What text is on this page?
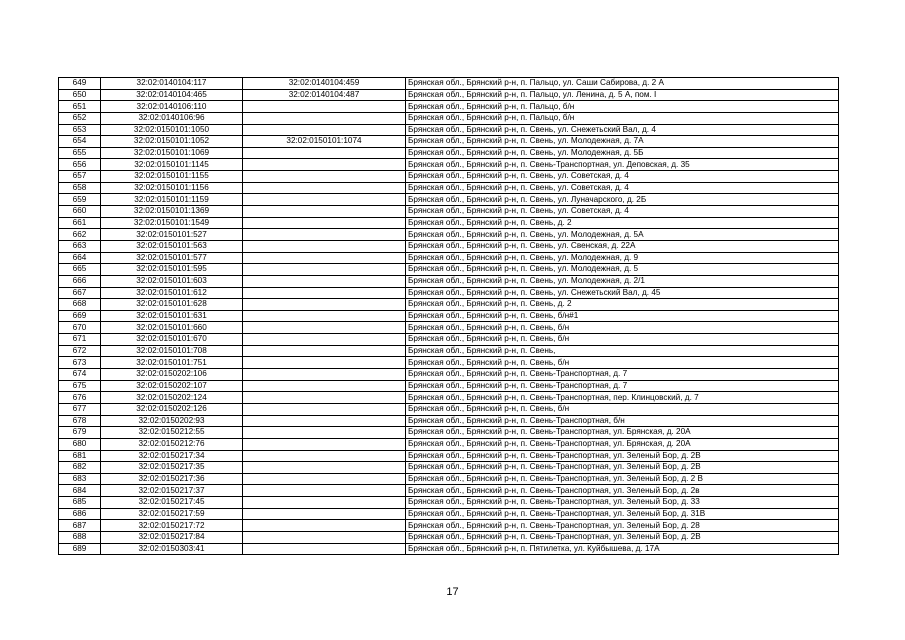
649	32:02:0140104:117	32:02:0140104:459	Брянская обл., Брянский р-н, п. Пальцо, ул. Саши Сабирова, д. 2 А
650	32:02:0140104:465	32:02:0140104:487	Брянская обл., Брянский р-н, п. Пальцо, ул. Ленина, д. 5 А, пом. I
651	32:02:0140106:110		Брянская обл., Брянский р-н, п. Пальцо, б/н
652	32:02:0140106:96		Брянская обл., Брянский р-н, п. Пальцо, б/н
653	32:02:0150101:1050		Брянская обл., Брянский р-н, п. Свень, ул. Снежетьский Вал, д. 4
654	32:02:0150101:1052	32:02:0150101:1074	Брянская обл., Брянский р-н, п. Свень, ул. Молодежная, д. 7А
655	32:02:0150101:1069		Брянская обл., Брянский р-н, п. Свень, ул. Молодежная, д. 5Б
656	32:02:0150101:1145		Брянская обл., Брянский р-н, п. Свень-Транспортная, ул. Деповская, д. 35
657	32:02:0150101:1155		Брянская обл., Брянский р-н, п. Свень, ул. Советская, д. 4
658	32:02:0150101:1156		Брянская обл., Брянский р-н, п. Свень, ул. Советская, д. 4
659	32:02:0150101:1159		Брянская обл., Брянский р-н, п. Свень, ул. Луначарского, д. 2Б
660	32:02:0150101:1369		Брянская обл., Брянский р-н, п. Свень, ул. Советская, д. 4
661	32:02:0150101:1549		Брянская обл., Брянский р-н, п. Свень, д. 2
662	32:02:0150101:527		Брянская обл., Брянский р-н, п. Свень, ул. Молодежная, д. 5А
663	32:02:0150101:563		Брянская обл., Брянский р-н, п. Свень, ул. Свенская, д. 22А
664	32:02:0150101:577		Брянская обл., Брянский р-н, п. Свень, ул. Молодежная, д. 9
665	32:02:0150101:595		Брянская обл., Брянский р-н, п. Свень, ул. Молодежная, д. 5
666	32:02:0150101:603		Брянская обл., Брянский р-н, п. Свень, ул. Молодежная, д. 2/1
667	32:02:0150101:612		Брянская обл., Брянский р-н, п. Свень, ул. Снежетьский Вал, д. 45
668	32:02:0150101:628		Брянская обл., Брянский р-н, п. Свень, д. 2
669	32:02:0150101:631		Брянская обл., Брянский р-н, п. Свень, б/н#1
670	32:02:0150101:660		Брянская обл., Брянский р-н, п. Свень, б/н
671	32:02:0150101:670		Брянская обл., Брянский р-н, п. Свень, б/н
672	32:02:0150101:708		Брянская обл., Брянский р-н, п. Свень,
673	32:02:0150101:751		Брянская обл., Брянский р-н, п. Свень, б/н
674	32:02:0150202:106		Брянская обл., Брянский р-н, п. Свень-Транспортная, д. 7
675	32:02:0150202:107		Брянская обл., Брянский р-н, п. Свень-Транспортная, д. 7
676	32:02:0150202:124		Брянская обл., Брянский р-н, п. Свень-Транспортная, пер. Клинцовский, д. 7
677	32:02:0150202:126		Брянская обл., Брянский р-н, п. Свень, б/н
678	32:02:0150202:93		Брянская обл., Брянский р-н, п. Свень-Транспортная, б/н
679	32:02:0150212:55		Брянская обл., Брянский р-н, п. Свень-Транспортная, ул. Брянская, д. 20А
680	32:02:0150212:76		Брянская обл., Брянский р-н, п. Свень-Транспортная, ул. Брянская, д. 20А
681	32:02:0150217:34		Брянская обл., Брянский р-н, п. Свень-Транспортная, ул. Зеленый Бор, д. 2В
682	32:02:0150217:35		Брянская обл., Брянский р-н, п. Свень-Транспортная, ул. Зеленый Бор, д. 2В
683	32:02:0150217:36		Брянская обл., Брянский р-н, п. Свень-Транспортная, ул. Зеленый Бор, д. 2 В
684	32:02:0150217:37		Брянская обл., Брянский р-н, п. Свень-Транспортная, ул. Зеленый Бор, д. 2в
685	32:02:0150217:45		Брянская обл., Брянский р-н, п. Свень-Транспортная, ул. Зеленый Бор, д. 33
686	32:02:0150217:59		Брянская обл., Брянский р-н, п. Свень-Транспортная, ул. Зеленый Бор, д. 31В
687	32:02:0150217:72		Брянская обл., Брянский р-н, п. Свень-Транспортная, ул. Зеленый Бор, д. 28
688	32:02:0150217:84		Брянская обл., Брянский р-н, п. Свень-Транспортная, ул. Зеленый Бор, д. 2В
689	32:02:0150303:41		Брянская обл., Брянский р-н, п. Пятилетка, ул. Куйбышева, д. 17А
17
